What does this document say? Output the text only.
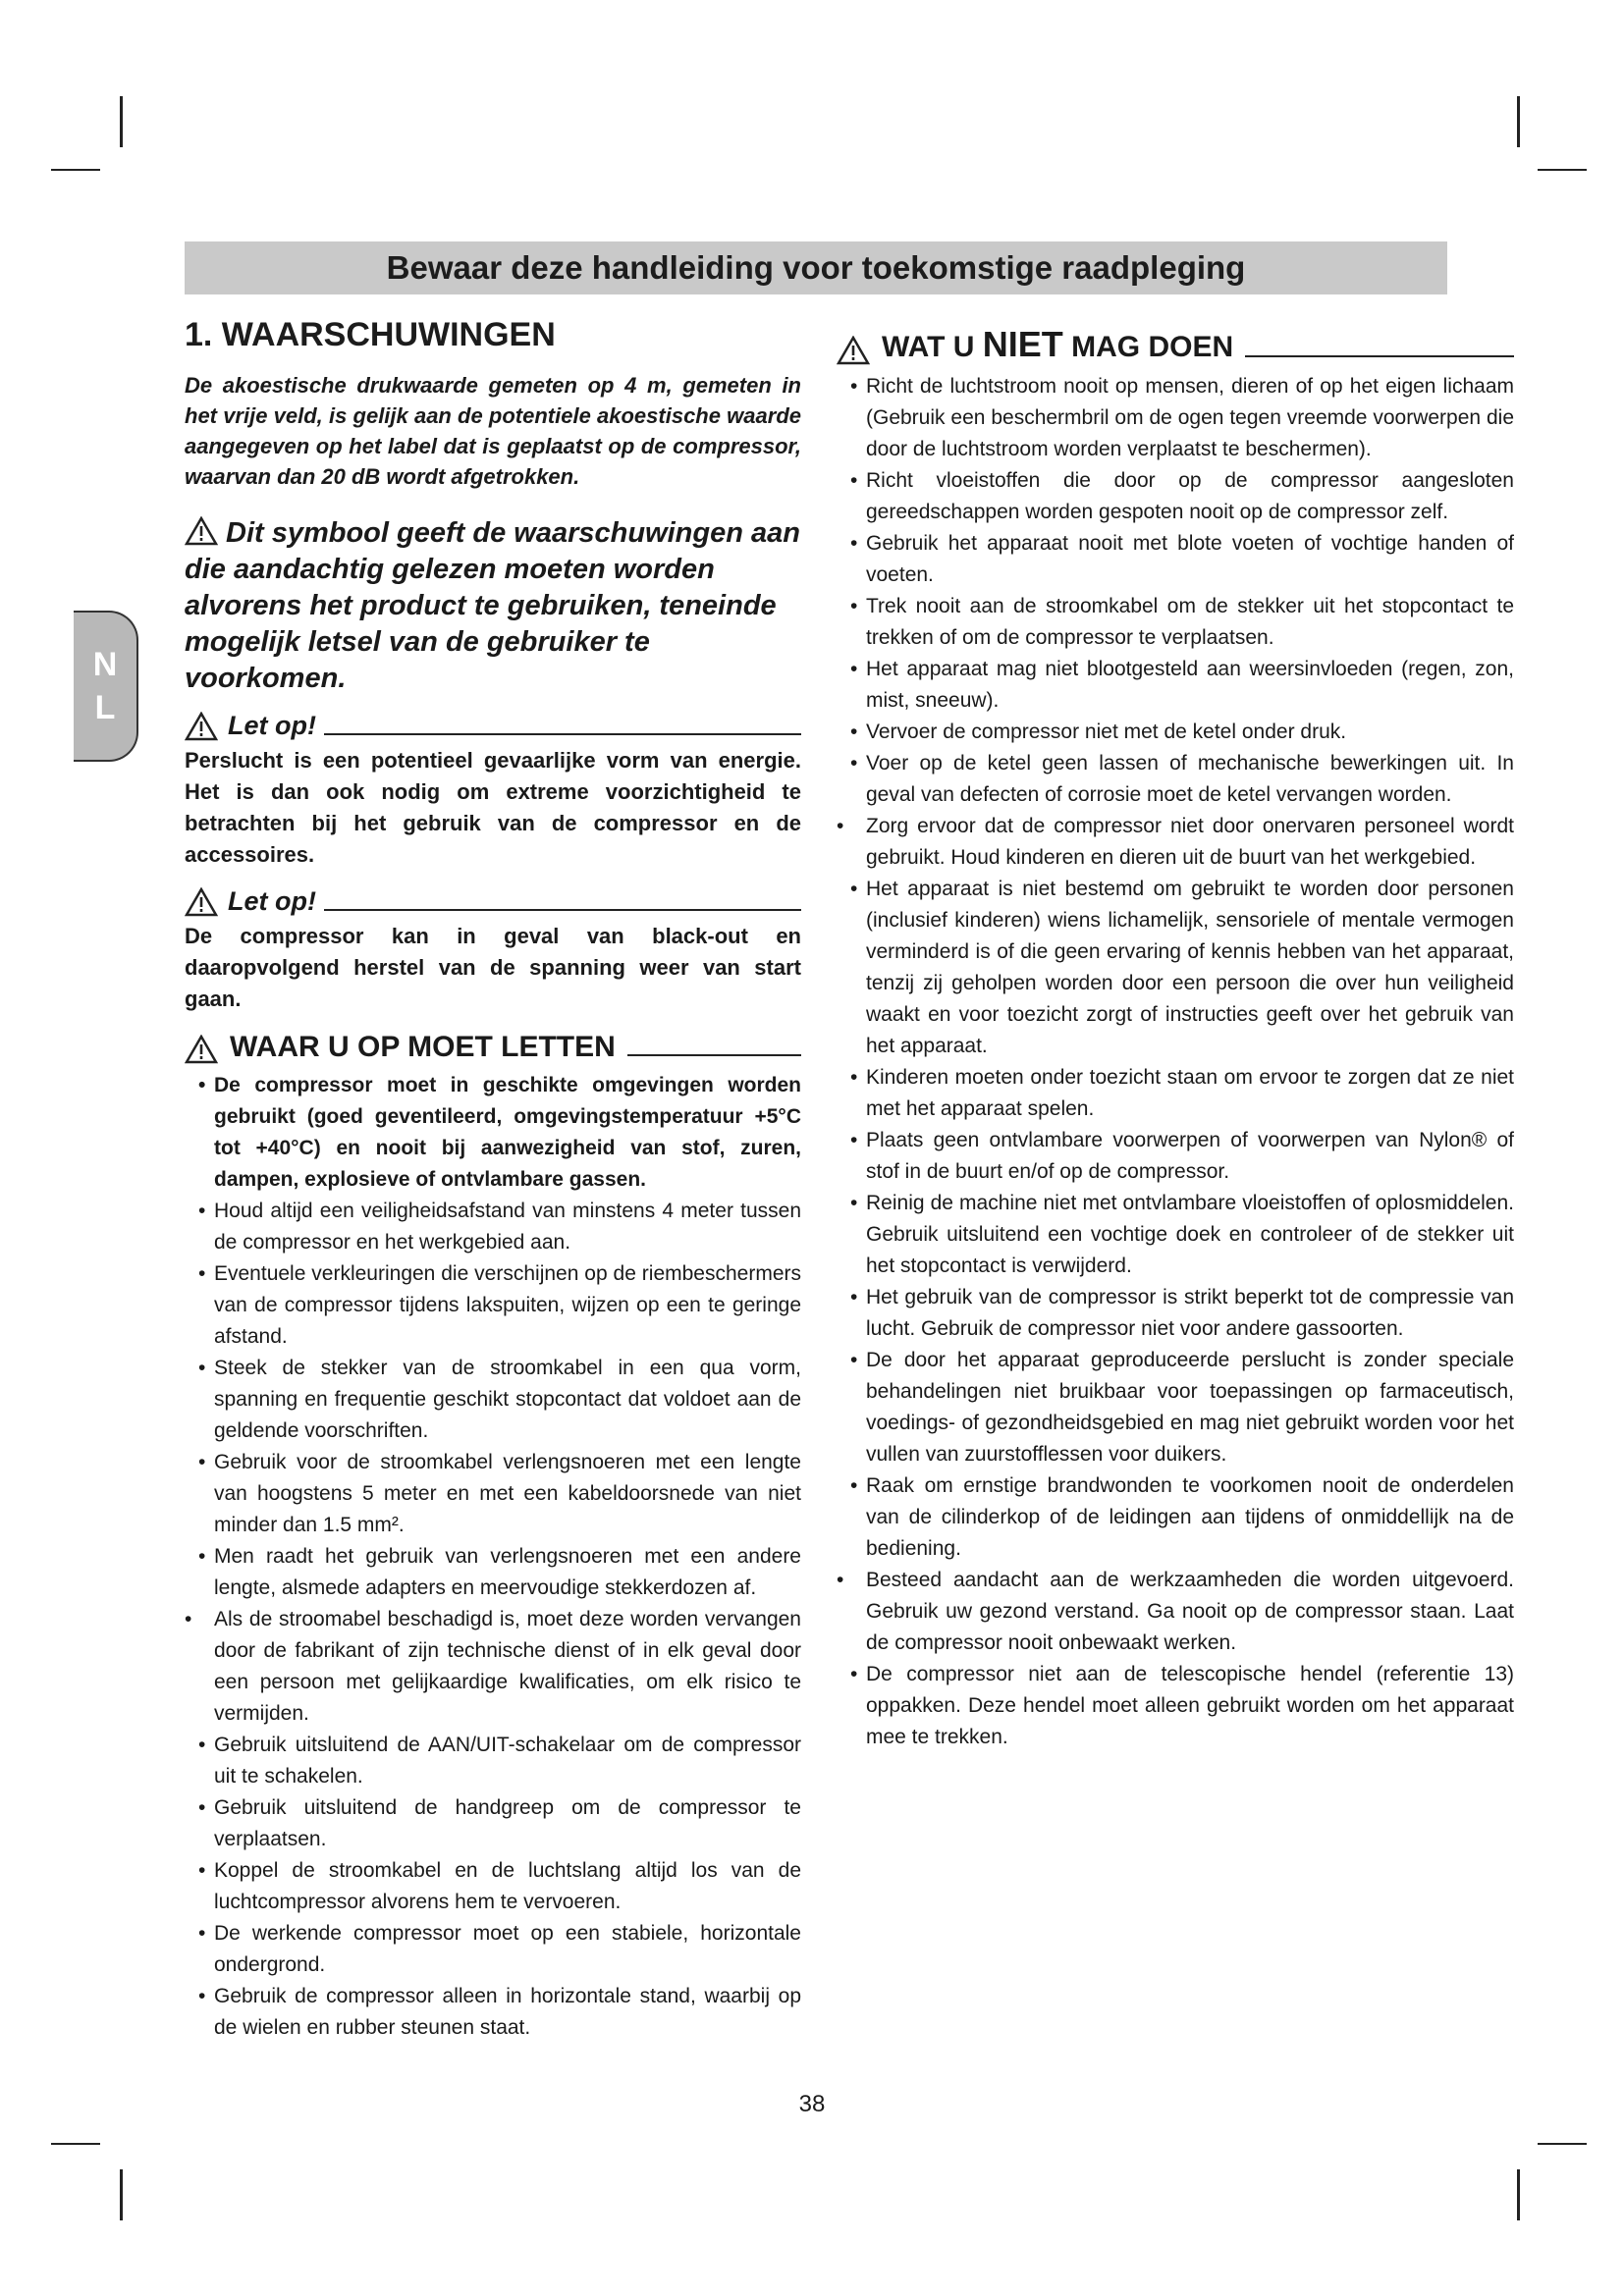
Bewaar deze handleiding voor toekomstige raadpleging
N
L
1. WAARSCHUWINGEN
De akoestische drukwaarde gemeten op 4 m, gemeten in het vrije veld, is gelijk aan de potentiele akoestische waarde aangegeven op het label dat is geplaatst op de compressor, waarvan dan 20 dB wordt afgetrokken.
Dit symbool geeft de waarschuwingen aan die aandachtig gelezen moeten worden alvorens het product te gebruiken, teneinde mogelijk letsel van de gebruiker te voorkomen.
Let op!
Perslucht is een potentieel gevaarlijke vorm van energie. Het is dan ook nodig om extreme voorzichtigheid te betrachten bij het gebruik van de compressor en de accessoires.
Let op!
De compressor kan in geval van black-out en daaropvolgend herstel van de spanning weer van start gaan.
WAAR U OP MOET LETTEN
• De compressor moet in geschikte omgevingen worden gebruikt (goed geventileerd, omgevingstemperatuur +5°C tot +40°C) en nooit bij aanwezigheid van stof, zuren, dampen, explosieve of ontvlambare gassen.
• Houd altijd een veiligheidsafstand van minstens 4 meter tussen de compressor en het werkgebied aan.
• Eventuele verkleuringen die verschijnen op de riembeschermers van de compressor tijdens lakspuiten, wijzen op een te geringe afstand.
• Steek de stekker van de stroomkabel in een qua vorm, spanning en frequentie geschikt stopcontact dat voldoet aan de geldende voorschriften.
• Gebruik voor de stroomkabel verlengsnoeren met een lengte van hoogstens 5 meter en met een kabeldoorsnede van niet minder dan 1.5 mm².
• Men raadt het gebruik van verlengsnoeren met een andere lengte, alsmede adapters en meervoudige stekkerdozen af.
• Als de stroomabel beschadigd is, moet deze worden vervangen door de fabrikant of zijn technische dienst of in elk geval door een persoon met gelijkaardige kwalificaties, om elk risico te vermijden.
• Gebruik uitsluitend de AAN/UIT-schakelaar om de compressor uit te schakelen.
• Gebruik uitsluitend de handgreep om de compressor te verplaatsen.
• Koppel de stroomkabel en de luchtslang altijd los van de luchtcompressor alvorens hem te vervoeren.
• De werkende compressor moet op een stabiele, horizontale ondergrond.
• Gebruik de compressor alleen in horizontale stand, waarbij op de wielen en rubber steunen staat.
WAT U NIET MAG DOEN
• Richt de luchtstroom nooit op mensen, dieren of op het eigen lichaam (Gebruik een beschermbril om de ogen tegen vreemde voorwerpen die door de luchtstroom worden verplaatst te beschermen).
• Richt vloeistoffen die door op de compressor aangesloten gereedschappen worden gespoten nooit op de compressor zelf.
• Gebruik het apparaat nooit met blote voeten of vochtige handen of voeten.
• Trek nooit aan de stroomkabel om de stekker uit het stopcontact te trekken of om de compressor te verplaatsen.
• Het apparaat mag niet blootgesteld aan weersinvloeden (regen, zon, mist, sneeuw).
• Vervoer de compressor niet met de ketel onder druk.
• Voer op de ketel geen lassen of mechanische bewerkingen uit. In geval van defecten of corrosie moet de ketel vervangen worden.
• Zorg ervoor dat de compressor niet door onervaren personeel wordt gebruikt. Houd kinderen en dieren uit de buurt van het werkgebied.
• Het apparaat is niet bestemd om gebruikt te worden door personen (inclusief kinderen) wiens lichamelijk, sensoriele of mentale vermogen verminderd is of die geen ervaring of kennis hebben van het apparaat, tenzij zij geholpen worden door een persoon die over hun veiligheid waakt en voor toezicht zorgt of instructies geeft over het gebruik van het apparaat.
• Kinderen moeten onder toezicht staan om ervoor te zorgen dat ze niet met het apparaat spelen.
• Plaats geen ontvlambare voorwerpen of voorwerpen van Nylon® of stof in de buurt en/of op de compressor.
• Reinig de machine niet met ontvlambare vloeistoffen of oplosmiddelen. Gebruik uitsluitend een vochtige doek en controleer of de stekker uit het stopcontact is verwijderd.
• Het gebruik van de compressor is strikt beperkt tot de compressie van lucht. Gebruik de compressor niet voor andere gassoorten.
• De door het apparaat geproduceerde perslucht is zonder speciale behandelingen niet bruikbaar voor toepassingen op farmaceutisch, voedings- of gezondheidsgebied en mag niet gebruikt worden voor het vullen van zuurstofflessen voor duikers.
• Raak om ernstige brandwonden te voorkomen nooit de onderdelen van de cilinderkop of de leidingen aan tijdens of onmiddellijk na de bediening.
• Besteed aandacht aan de werkzaamheden die worden uitgevoerd. Gebruik uw gezond verstand. Ga nooit op de compressor staan. Laat de compressor nooit onbewaakt werken.
• De compressor niet aan de telescopische hendel (referentie 13) oppakken. Deze hendel moet alleen gebruikt worden om het apparaat mee te trekken.
38
